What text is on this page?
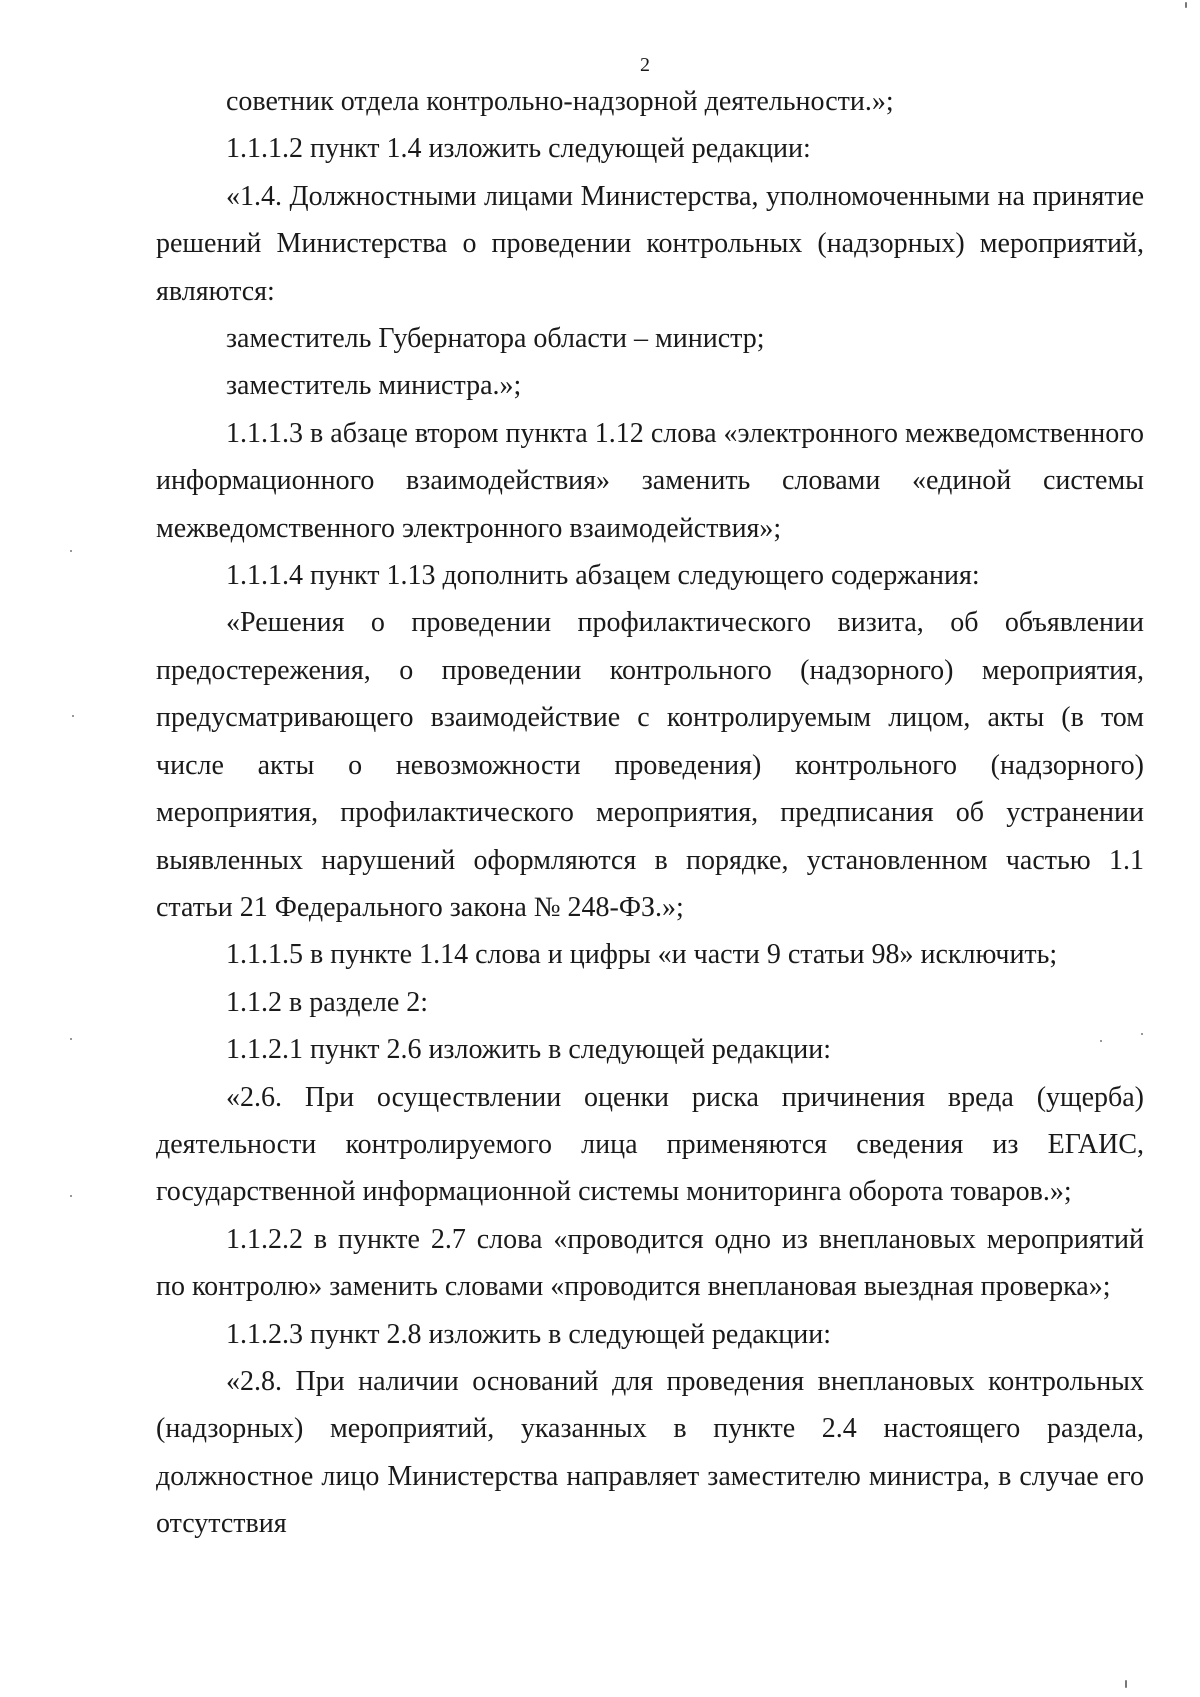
2

советник отдела контрольно-надзорной деятельности.»;

1.1.1.2 пункт 1.4 изложить следующей редакции:

«1.4. Должностными лицами Министерства, уполномоченными на принятие решений Министерства о проведении контрольных (надзорных) мероприятий, являются:

заместитель Губернатора области – министр;

заместитель министра.»;

1.1.1.3 в абзаце втором пункта 1.12 слова «электронного межведомственного информационного взаимодействия» заменить словами «единой системы межведомственного электронного взаимодействия»;

1.1.1.4 пункт 1.13 дополнить абзацем следующего содержания:

«Решения о проведении профилактического визита, об объявлении предостережения, о проведении контрольного (надзорного) мероприятия, предусматривающего взаимодействие с контролируемым лицом, акты (в том числе акты о невозможности проведения) контрольного (надзорного) мероприятия, профилактического мероприятия, предписания об устранении выявленных нарушений оформляются в порядке, установленном частью 1.1 статьи 21 Федерального закона № 248-ФЗ.»;

1.1.1.5 в пункте 1.14 слова и цифры «и части 9 статьи 98» исключить;

1.1.2 в разделе 2:

1.1.2.1 пункт 2.6 изложить в следующей редакции:

«2.6. При осуществлении оценки риска причинения вреда (ущерба) деятельности контролируемого лица применяются сведения из ЕГАИС, государственной информационной системы мониторинга оборота товаров.»;

1.1.2.2 в пункте 2.7 слова «проводится одно из внеплановых мероприятий по контролю» заменить словами «проводится внеплановая выездная проверка»;

1.1.2.3 пункт 2.8 изложить в следующей редакции:

«2.8. При наличии оснований для проведения внеплановых контрольных (надзорных) мероприятий, указанных в пункте 2.4 настоящего раздела, должностное лицо Министерства направляет заместителю министра, в случае его отсутствия
